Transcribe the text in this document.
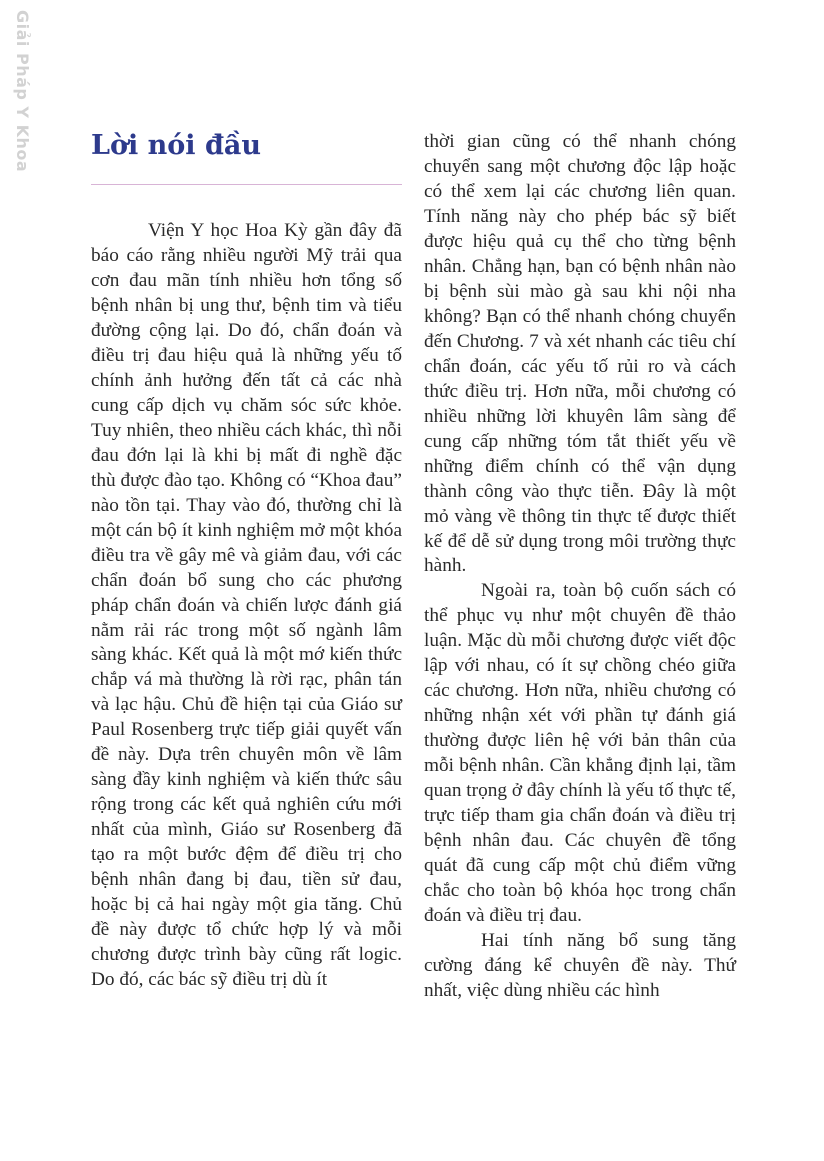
Giải Pháp Y Khoa Lời nói đầu

Viện Y học Hoa Kỳ gần đây đã báo cáo rằng nhiều người Mỹ trải qua cơn đau mãn tính nhiều hơn tổng số bệnh nhân bị ung thư, bệnh tim và tiểu đường cộng lại. Do đó, chẩn đoán và điều trị đau hiệu quả là những yếu tố chính ảnh hưởng đến tất cả các nhà cung cấp dịch vụ chăm sóc sức khỏe. Tuy nhiên, theo nhiều cách khác, thì nỗi đau đớn lại là khi bị mất đi nghề đặc thù được đào tạo. Không có “Khoa đau” nào tồn tại. Thay vào đó, thường chỉ là một cán bộ ít kinh nghiệm mở một khóa điều tra về gây mê và giảm đau, với các chẩn đoán bổ sung cho các phương pháp chẩn đoán và chiến lược đánh giá nằm rải rác trong một số ngành lâm sàng khác. Kết quả là một mớ kiến thức chắp vá mà thường là rời rạc, phân tán và lạc hậu. Chủ đề hiện tại của Giáo sư Paul Rosenberg trực tiếp giải quyết vấn đề này. Dựa trên chuyên môn về lâm sàng đầy kinh nghiệm và kiến thức sâu rộng trong các kết quả nghiên cứu mới nhất của mình, Giáo sư Rosenberg đã tạo ra một bước đệm để điều trị cho bệnh nhân đang bị đau, tiền sử đau, hoặc bị cả hai ngày một gia tăng. Chủ đề này được tổ chức hợp lý và mỗi chương được trình bày cũng rất logic. Do đó, các bác sỹ điều trị dù ít

thời gian cũng có thể nhanh chóng chuyển sang một chương độc lập hoặc có thể xem lại các chương liên quan. Tính năng này cho phép bác sỹ biết được hiệu quả cụ thể cho từng bệnh nhân. Chẳng hạn, bạn có bệnh nhân nào bị bệnh sùi mào gà sau khi nội nha không? Bạn có thể nhanh chóng chuyển đến Chương. 7 và xét nhanh các tiêu chí chẩn đoán, các yếu tố rủi ro và cách thức điều trị. Hơn nữa, mỗi chương có nhiều những lời khuyên lâm sàng để cung cấp những tóm tắt thiết yếu về những điểm chính có thể vận dụng thành công vào thực tiễn. Đây là một mỏ vàng về thông tin thực tế được thiết kế để dễ sử dụng trong môi trường thực hành.

Ngoài ra, toàn bộ cuốn sách có thể phục vụ như một chuyên đề thảo luận. Mặc dù mỗi chương được viết độc lập với nhau, có ít sự chồng chéo giữa các chương. Hơn nữa, nhiều chương có những nhận xét với phần tự đánh giá thường được liên hệ với bản thân của mỗi bệnh nhân. Cần khẳng định lại, tầm quan trọng ở đây chính là yếu tố thực tế, trực tiếp tham gia chẩn đoán và điều trị bệnh nhân đau. Các chuyên đề tổng quát đã cung cấp một chủ điểm vững chắc cho toàn bộ khóa học trong chẩn đoán và điều trị đau.

Hai tính năng bổ sung tăng cường đáng kể chuyên đề này. Thứ nhất, việc dùng nhiều các hình
